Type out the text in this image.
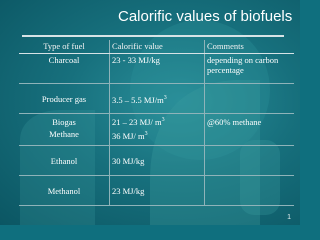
Calorific values of biofuels
Type of fuel	Calorific value	Comments
Charcoal	23 - 33 MJ/kg	depending on carbon percentage
Producer gas	3.5 – 5.5 $MJ/m^3$	
Biogas	21 – 23 MJ/ $m^3$	@60% methane
Methane	36 MJ/ $m^3$	
Ethanol	30 MJ/kg	
Methanol	23 MJ/kg	
1
